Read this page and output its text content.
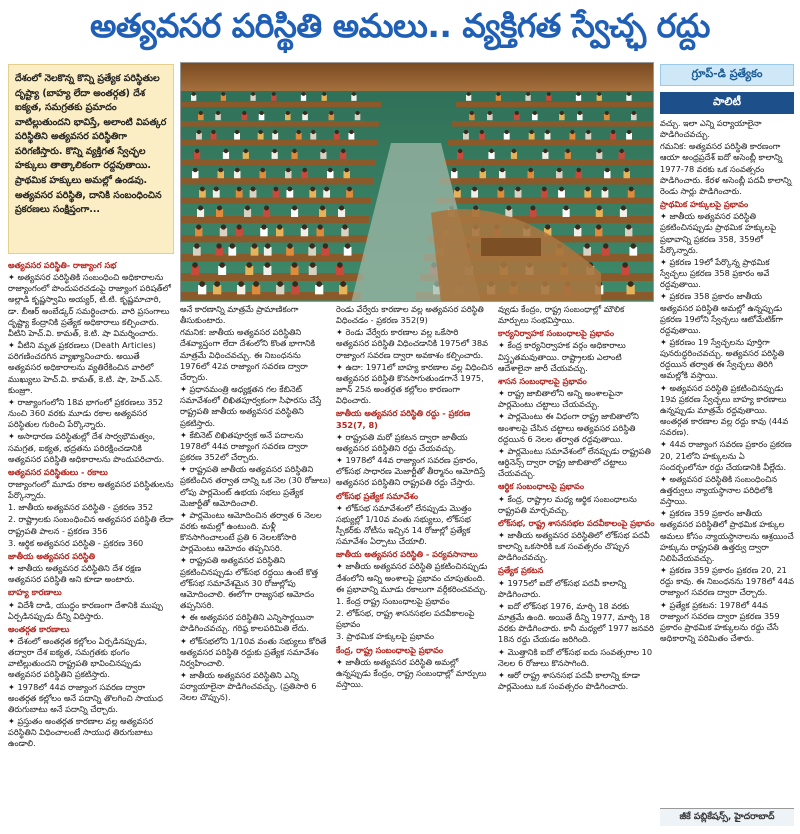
అత్యవసర పరిస్థితి అమలు.. వ్యక్తిగత స్వేచ్ఛ రద్దు
దేశంలో నెలకొన్న కొన్ని ప్రత్యేక పరిస్థితుల దృష్ట్యా (బాహ్య లేదా అంతర్గత) దేశ ఐక్యత, సమగ్రతకు ప్రమాదం వాటిల్లుతుందని భావిస్తే, అలాంటి విపత్కర పరిస్థితిని అత్యవసర పరిస్థితిగా పరిగణిస్తారు. కొన్ని వ్యక్తిగత స్వేచ్ఛల హక్కులు తాత్కాలికంగా రద్దవుతాయి. ప్రాథమిక హక్కులు అమల్లో ఉండవు. అత్యవసర పరిస్థితి, దానికి సంబంధించిన ప్రకరణలు సంక్షిప్తంగా...
గ్రూప్-డి ప్రత్యేకం
పాలిటీ

అత్యవసర పరిస్థితి- రాజ్యాంగ సభ

✦ అత్యవసర పరిస్థితికి సంబంధించి అధికారాలను రాజ్యాంగంలో పొందుపరచడంపై రాజ్యాంగ పరిషత్‌లో అల్లాడి కృష్ణస్వామి అయ్యర్, టి.టి. కృష్ణమాచారి, డా. బీఆర్ అంబేడ్కర్ సమర్థించారు. వారి ప్రసంగాలు దృష్ట్యా కేంద్రానికి ప్రత్యేక అధికారాలు కల్పించారు. వీటిని హెచ్.వి. కామత్, కె.టి. షా విమర్శించారు.

✦ వీటిని మృత ప్రకరణలు (Death Articles) పరిగణించదగిన వ్యాఖ్యానించారు. అయితే అత్యవసర అధికారాలను వ్యతిరేకించిన వారిలో ముఖ్యులు హెచ్.వి. కామత్, కె.టి. షా, హెచ్.ఎన్. కుంజ్రూ.

✦ రాజ్యాంగంలోని 18వ భాగంలో ప్రకరణలు 352 నుంచి 360 వరకు మూడు రకాల అత్యవసర పరిస్థితుల గురించి పేర్కొన్నారు.

✦ అసాధారణ పరిస్థితుల్లో దేశ సార్వభౌమత్వం, సమగ్రత, ఐక్యత, భద్రతను పరిరక్షించడానికి అత్యవసర పరిస్థితి అధికారాలను పొందుపరిచారు.

అత్యవసర పరిస్థితులు - రకాలు

రాజ్యాంగంలో మూడు రకాల అత్యవసర పరిస్థితులను పేర్కొన్నారు.

1. జాతీయ అత్యవసర పరిస్థితి - ప్రకరణ 352

2. రాష్ట్రాలకు సంబంధించిన అత్యవసర పరిస్థితి లేదా రాష్ట్రపతి పాలన - ప్రకరణ 356

3. ఆర్థిక అత్యవసర పరిస్థితి - ప్రకరణ 360

జాతీయ అత్యవసర పరిస్థితి

✦ జాతీయ అత్యవసర పరిస్థితిని దేశ రక్షణ అత్యవసర పరిస్థితి అని కూడా అంటారు.

బాహ్య కారణాలు

✦ విదేశీ దాడి, యుద్ధం కారణంగా దేశానికి ముప్పు ఏర్పడినప్పుడు దీన్ని విధిస్తారు.

అంతర్గత కారణాలు

✦ దేశంలో అంతర్గత కల్లోలం ఏర్పడినప్పుడు, తద్వారా దేశ ఐక్యత, సమగ్రతకు భంగం వాటిల్లుతుందని రాష్ట్రపతి భావించినప్పుడు అత్యవసర పరిస్థితిని ప్రకటిస్తారు.

✦ 1978లో 44వ రాజ్యాంగ సవరణ ద్వారా అంతర్గత కల్లోలం అనే పదాన్ని తొలగించి సాయుధ తిరుగుబాటు అనే పదాన్ని చేర్చారు.

✦ ప్రస్తుతం అంతర్గత కారణాల వల్ల అత్యవసర పరిస్థితిని విధించాలంటే సాయుధ తిరుగుబాటు ఉండాలి.

అనే కారణాన్ని మాత్రమే ప్రామాణికంగా తీసుకుంటారు.

గమనిక: జాతీయ అత్యవసర పరిస్థితిని దేశవ్యాప్తంగా లేదా దేశంలోని కొంత భాగానికి మాత్రమే విధించవచ్చు. ఈ నిబంధనను 1976లో 42వ రాజ్యాంగ సవరణ ద్వారా చేర్చారు.

✦ ప్రధానమంత్రి అధ్యక్షతన గల కేబినెట్ సమావేశంలో లిఖితపూర్వకంగా సిఫారసు చేస్తే రాష్ట్రపతి జాతీయ అత్యవసర పరిస్థితిని ప్రకటిస్తారు.

✦ కేబినెట్ లిఖితపూర్వక అనే పదాలను 1978లో 44వ రాజ్యాంగ సవరణ ద్వారా ప్రకరణ 352లో చేర్చారు.

✦ రాష్ట్రపతి జాతీయ అత్యవసర పరిస్థితిని ప్రకటించిన తర్వాత దాన్ని ఒక నెల (30 రోజులు) లోపు పార్లమెంట్ ఉభయ సభలు ప్రత్యేక మెజార్టీతో ఆమోదించాలి.

✦ పార్లమెంటు ఆమోదించిన తర్వాత 6 నెలల వరకు అమల్లో ఉంటుంది. మళ్లీ కొనసాగించాలంటే ప్రతి 6 నెలలకోసారి పార్లమెంటు ఆమోదం తప్పనిసరి.

✦ రాష్ట్రపతి అత్యవసర పరిస్థితిని ప్రకటించినప్పుడు లోక్‌సభ రద్దయి ఉంటే కొత్త లోక్‌సభ సమావేశమైన 30 రోజుల్లోపు ఆమోదించాలి. ఈలోగా రాజ్యసభ ఆమోదం తప్పనిసరి.

✦ ఈ అత్యవసర పరిస్థితిని ఎన్నిసార్లయినా పొడిగించవచ్చు. గరిష్ఠ కాలపరిమితి లేదు.

✦ లోక్‌సభలోని 1/10వ వంతు సభ్యులు కోరితే అత్యవసర పరిస్థితి రద్దుకు ప్రత్యేక సమావేశం నిర్వహించాలి.

✦ జాతీయ అత్యవసర పరిస్థితిని ఎన్ని పర్యాయాలైనా పొడిగించవచ్చు. (ప్రతిసారి 6 నెలల చొప్పున).

రెండు వేర్వేరు కారణాల వల్ల అత్యవసర పరిస్థితి విధించడం - ప్రకరణ 352(9)

✦ రెండు వేర్వేరు కారణాల వల్ల ఒకేసారి అత్యవసర పరిస్థితి విధించడానికి 1975లో 38వ రాజ్యాంగ సవరణ ద్వారా అవకాశం కల్పించారు.

✦ ఉదా: 1971లో బాహ్య కారణాల వల్ల విధించిన అత్యవసర పరిస్థితి కొనసాగుతుండగానే 1975, జూన్ 25న అంతర్గత కల్లోలం కారణంగా విధించారు.

జాతీయ అత్యవసర పరిస్థితి రద్దు - ప్రకరణ 352(7, 8)

✦ రాష్ట్రపతి మరో ప్రకటన ద్వారా జాతీయ అత్యవసర పరిస్థితిని రద్దు చేయవచ్చు.

✦ 1978లో 44వ రాజ్యాంగ సవరణ ప్రకారం, లోక్‌సభ సాధారణ మెజార్టీతో తీర్మానం ఆమోదిస్తే అత్యవసర పరిస్థితిని రాష్ట్రపతి రద్దు చేస్తారు.

లోక్‌సభ ప్రత్యేక సమావేశం

✦ లోక్‌సభ సమావేశంలో లేనప్పుడు మొత్తం సభ్యుల్లో 1/10వ వంతు సభ్యులు, లోక్‌సభ స్పీకర్‌కు నోటీసు ఇచ్చిన 14 రోజుల్లో ప్రత్యేక సమావేశం ఏర్పాటు చేయాలి.

జాతీయ అత్యవసర పరిస్థితి - పర్యవసానాలు

✦ జాతీయ అత్యవసర పరిస్థితి ప్రకటించినప్పుడు దేశంలోని అన్ని అంశాలపై ప్రభావం చూపుతుంది. ఈ ప్రభావాన్ని మూడు రకాలుగా వర్గీకరించవచ్చు.

1. కేంద్ర రాష్ట్ర సంబంధాలపై ప్రభావం

2. లోక్‌సభ, రాష్ట్ర శాసనసభల పదవీకాలంపై ప్రభావం

3. ప్రాథమిక హక్కులపై ప్రభావం

కేంద్ర, రాష్ట్ర సంబంధాలపై ప్రభావం

✦ జాతీయ అత్యవసర పరిస్థితి అమల్లో ఉన్నప్పుడు కేంద్రం, రాష్ట్ర సంబంధాల్లో మార్పులు వస్తాయి.

వ్వుడు కేంద్రం, రాష్ట్ర సంబంధాల్లో మౌలిక మార్పులు సంభవిస్తాయి.

కార్యనిర్వాహక సంబంధాలపై ప్రభావం

✦ కేంద్ర కార్యనిర్వాహక వర్గం అధికారాలు విస్తృతమవుతాయి. రాష్ట్రాలకు ఎలాంటి ఆదేశాలైనా జారీ చేయవచ్చు.

శాసన సంబంధాలపై ప్రభావం

✦ రాష్ట్ర జాబితాలోని అన్ని అంశాలపైనా పార్లమెంటు చట్టాలు చేయవచ్చు.

✦ పార్లమెంటు ఈ విధంగా రాష్ట్ర జాబితాలోని అంశాలపై చేసిన చట్టాలు అత్యవసర పరిస్థితి రద్దయిన 6 నెలల తర్వాత రద్దవుతాయి.

✦ పార్లమెంటు సమావేశంలో లేనప్పుడు రాష్ట్రపతి ఆర్డినెన్స్ ద్వారా రాష్ట్ర జాబితాలో చట్టాలు చేయవచ్చు.

ఆర్థిక సంబంధాలపై ప్రభావం

✦ కేంద్ర, రాష్ట్రాల మధ్య ఆర్థిక సంబంధాలను రాష్ట్రపతి మార్చవచ్చు.

లోక్‌సభ, రాష్ట్ర శాసనసభల పదవీకాలంపై ప్రభావం

✦ జాతీయ అత్యవసర పరిస్థితిలో లోక్‌సభ పదవీ కాలాన్ని ఒకసారికి ఒక సంవత్సరం చొప్పున పొడిగించవచ్చు.

ప్రత్యేక ప్రకటన

✦ 1975లో ఐదో లోక్‌సభ పదవీ కాలాన్ని పొడిగించారు.

✦ ఐదో లోక్‌సభ 1976, మార్చి 18 వరకు మాత్రమే ఉంది. అయితే దీన్ని 1977, మార్చి 18 వరకు పొడిగించారు. కానీ మధ్యలో 1977 జనవరి 18న రద్దు చేయడం జరిగింది.

✦ మొత్తానికి ఐదో లోక్‌సభ ఐదు సంవత్సరాల 10 నెలల 6 రోజులు కొనసాగింది.

✦ ఆరో రాష్ట్ర శాసనసభ పదవీ కాలాన్ని కూడా పార్లమెంటు ఒక సంవత్సరం పొడిగించారు.

వచ్చు. ఇలా ఎన్ని పర్యాయాలైనా పొడిగించవచ్చు.

గమనిక: అత్యవసర పరిస్థితి కారణంగా ఆయా అంధ్రప్రదేశ్ ఐదో అసెంబ్లీ కాలాన్ని 1977-78 వరకు ఒక సంవత్సరం పొడిగించారు. కేరళ అసెంబ్లీ పదవీ కాలాన్ని రెండు సార్లు పొడిగించారు.

ప్రాథమిక హక్కులపై ప్రభావం

✦ జాతీయ అత్యవసర పరిస్థితి ప్రకటించినప్పుడు ప్రాథమిక హక్కులపై ప్రభావాన్ని ప్రకరణ 358, 359లో పేర్కొన్నారు.

✦ ప్రకరణ 19లో పేర్కొన్న ప్రాథమిక స్వేచ్ఛలు ప్రకరణ 358 ప్రకారం అవే రద్దవుతాయి.

✦ ప్రకరణ 358 ప్రకారం జాతీయ అత్యవసర పరిస్థితి అమల్లో ఉన్నప్పుడు ప్రకరణ 19లోని స్వేచ్ఛలు ఆటోమేటిక్‌గా రద్దవుతాయి.

✦ ప్రకరణం 19 స్వేచ్ఛలను పూర్తిగా పునరుద్ధరించవచ్చు. అత్యవసర పరిస్థితి రద్దయిన తర్వాత ఈ స్వేచ్ఛలు తిరిగి అమల్లోకి వస్తాయి.

✦ అత్యవసర పరిస్థితి ప్రకటించినప్పుడు 19వ ప్రకరణ స్వేచ్ఛలు బాహ్య కారణాలు ఉన్నప్పుడు మాత్రమే రద్దవుతాయి. అంతర్గత కారణాల వల్ల రద్దు కావు (44వ సవరణ).

✦ 44వ రాజ్యాంగ సవరణ ప్రకారం ప్రకరణ 20, 21లోని హక్కులను ఏ సందర్భంలోనూ రద్దు చేయడానికి వీల్లేదు.

✦ అత్యవసర పరిస్థితికి సంబంధించిన ఉత్తర్వులు న్యాయస్థానాల పరిధిలోకి వస్తాయి.

✦ ప్రకరణ 359 ప్రకారం జాతీయ అత్యవసర పరిస్థితిలో ప్రాథమిక హక్కుల అమలు కోసం న్యాయస్థానాలను ఆశ్రయించే హక్కును రాష్ట్రపతి ఉత్తర్వు ద్వారా నిలిపివేయవచ్చు.

✦ ప్రకరణ 359 ప్రకారం ప్రకరణ 20, 21 రద్దు కావు. ఈ నిబంధనను 1978లో 44వ రాజ్యాంగ సవరణ ద్వారా చేర్చారు.

✦ ప్రత్యేక ప్రకటన: 1978లో 44వ రాజ్యాంగ సవరణ ద్వారా ప్రకరణ 359 ప్రకారం ప్రాథమిక హక్కులను రద్దు చేసే అధికారాన్ని పరిమితం చేశారు.

జీకే పబ్లికేషన్స్, హైదరాబాద్
